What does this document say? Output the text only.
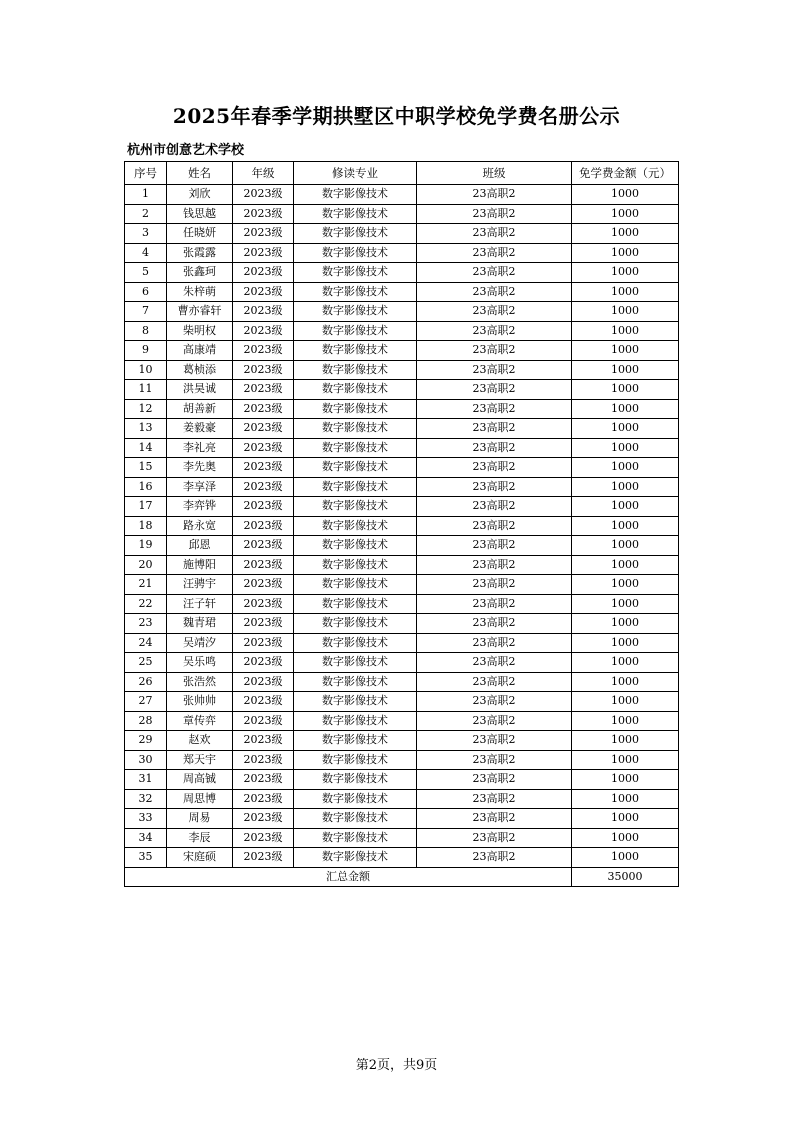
2025年春季学期拱墅区中职学校免学费名册公示
杭州市创意艺术学校
序号	姓名	年级	修读专业	班级	免学费金额（元）
1	刘欣	2023级	数字影像技术	23高职2	1000
2	钱思越	2023级	数字影像技术	23高职2	1000
3	任晓妍	2023级	数字影像技术	23高职2	1000
4	张霞露	2023级	数字影像技术	23高职2	1000
5	张鑫珂	2023级	数字影像技术	23高职2	1000
6	朱梓萌	2023级	数字影像技术	23高职2	1000
7	曹亦睿轩	2023级	数字影像技术	23高职2	1000
8	柴明权	2023级	数字影像技术	23高职2	1000
9	高康靖	2023级	数字影像技术	23高职2	1000
10	葛桢添	2023级	数字影像技术	23高职2	1000
11	洪昊诚	2023级	数字影像技术	23高职2	1000
12	胡善新	2023级	数字影像技术	23高职2	1000
13	姜毅豪	2023级	数字影像技术	23高职2	1000
14	李礼亮	2023级	数字影像技术	23高职2	1000
15	李先奥	2023级	数字影像技术	23高职2	1000
16	李享泽	2023级	数字影像技术	23高职2	1000
17	李弈铧	2023级	数字影像技术	23高职2	1000
18	路永宽	2023级	数字影像技术	23高职2	1000
19	邱恩	2023级	数字影像技术	23高职2	1000
20	施博阳	2023级	数字影像技术	23高职2	1000
21	汪骋宇	2023级	数字影像技术	23高职2	1000
22	汪子轩	2023级	数字影像技术	23高职2	1000
23	魏青珺	2023级	数字影像技术	23高职2	1000
24	吴靖汐	2023级	数字影像技术	23高职2	1000
25	吴乐鸣	2023级	数字影像技术	23高职2	1000
26	张浩然	2023级	数字影像技术	23高职2	1000
27	张帅帅	2023级	数字影像技术	23高职2	1000
28	章传弈	2023级	数字影像技术	23高职2	1000
29	赵欢	2023级	数字影像技术	23高职2	1000
30	郑天宇	2023级	数字影像技术	23高职2	1000
31	周高铖	2023级	数字影像技术	23高职2	1000
32	周思博	2023级	数字影像技术	23高职2	1000
33	周易	2023级	数字影像技术	23高职2	1000
34	李辰	2023级	数字影像技术	23高职2	1000
35	宋庭硕	2023级	数字影像技术	23高职2	1000
汇总金额					35000
第2页，共9页
